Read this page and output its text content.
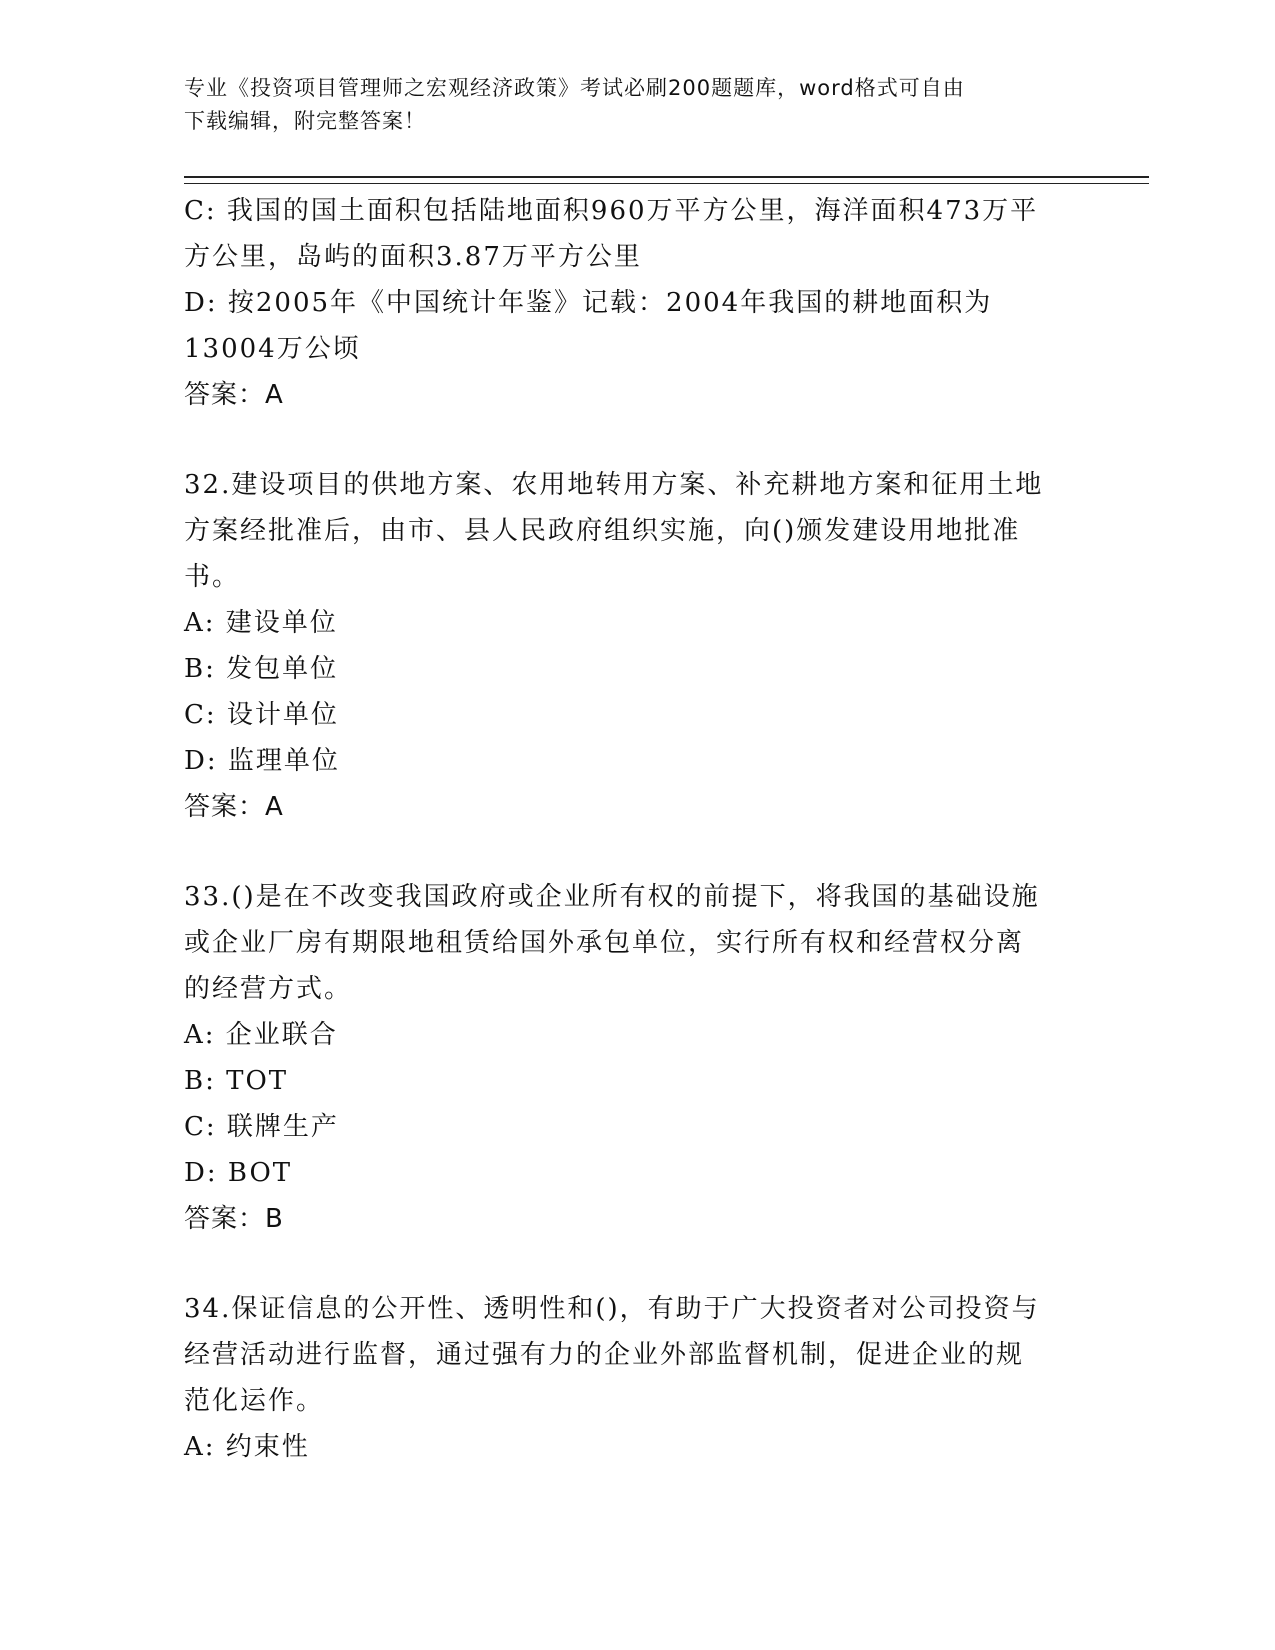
专业《投资项目管理师之宏观经济政策》考试必刷200题题库，word格式可自由
下载编辑，附完整答案！
C: 我国的国土面积包括陆地面积960万平方公里，海洋面积473万平
方公里，岛屿的面积3.87万平方公里
D: 按2005年《中国统计年鉴》记载：2004年我国的耕地面积为
13004万公顷
答案：A
32.建设项目的供地方案、农用地转用方案、补充耕地方案和征用土地
方案经批准后，由市、县人民政府组织实施，向()颁发建设用地批准
书。
A: 建设单位
B: 发包单位
C: 设计单位
D: 监理单位
答案：A
33.()是在不改变我国政府或企业所有权的前提下，将我国的基础设施
或企业厂房有期限地租赁给国外承包单位，实行所有权和经营权分离
的经营方式。
A: 企业联合
B: TOT
C: 联牌生产
D: BOT
答案：B
34.保证信息的公开性、透明性和()，有助于广大投资者对公司投资与
经营活动进行监督，通过强有力的企业外部监督机制，促进企业的规
范化运作。
A: 约束性
